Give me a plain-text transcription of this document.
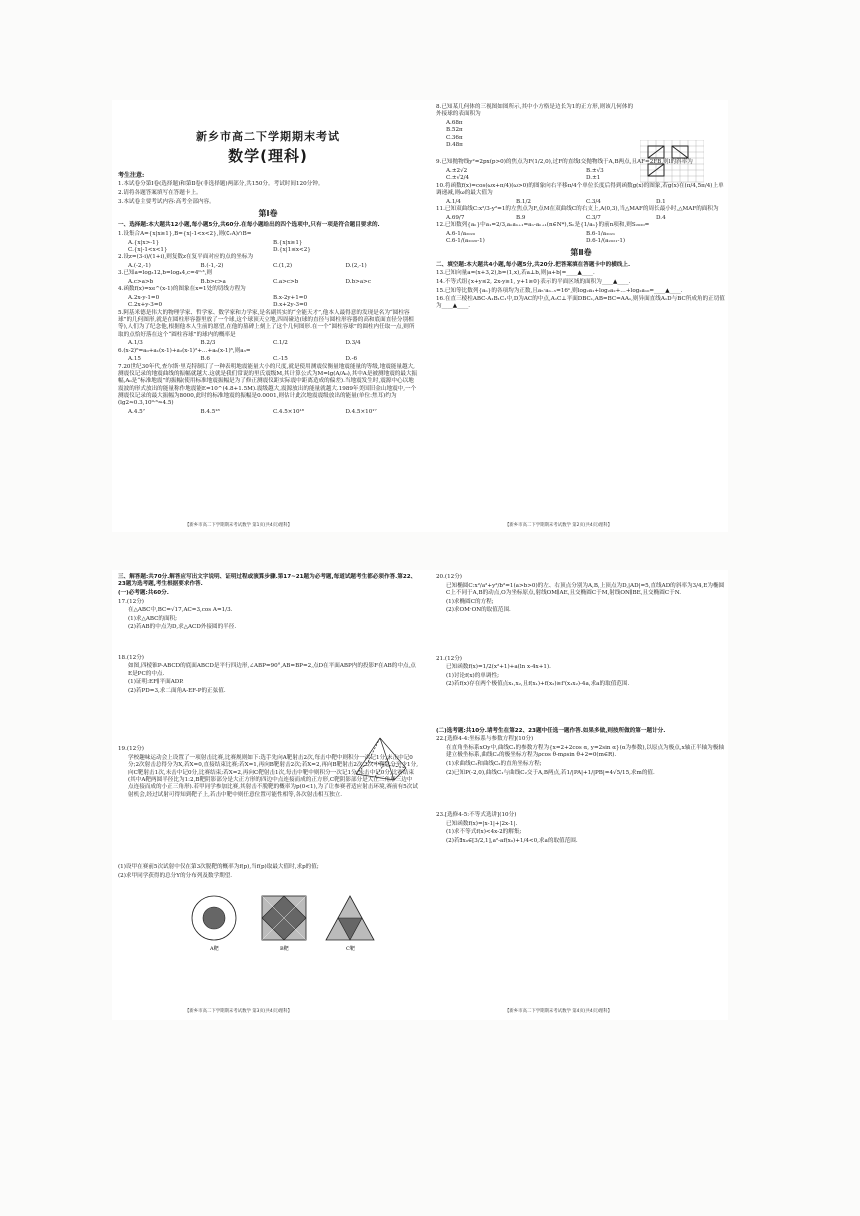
新乡市高二下学期期末考试
数学(理科)

考生注意:

1.本试卷分第Ⅰ卷(选择题)和第Ⅱ卷(非选择题)两部分,共150分。考试时间120分钟。

2.请将各题答案填写在答题卡上。

3.本试卷主要考试内容:高考全部内容。

第Ⅰ卷

一、选择题:本大题共12小题,每小题5分,共60分.在每小题给出的四个选项中,只有一项是符合题目要求的.

1.设集合A={x|x≥1},B={x|-1<x<2},则(∁ᵣA)∩B=

A.{x|x>-1}	B.{x|x≥1}
C.{x|-1<x<1}	D.{x|1≤x<2}

2.设z=(3-i)/(1+i),则复数z在复平面对应的点的坐标为

A.(-2,-1)	B.(-1,-2)	C.(1,2)	D.(2,-1)

3.已知a=log₃12,b=log₄4,c=4⁰·³,则

A.c>a>b	B.b>c>a	C.a>c>b	D.b>a>c

4.函数f(x)=xe^(x-1)的图象在x=1处的切线方程为

A.2x-y-1=0	B.x-2y+1=0
C.2x+y-3=0	D.x+2y-3=0

5.阿基米德是伟大的物理学家、哲学家、数学家和力学家,是名副其实的“全能天才”,他本人最得意的发现是名为“圆柱容球”的几何图形,就是在圆柱形容器里放了一个球,这个球顶天立地,四周碰边(球的直径与圆柱形容器的高和底面直径分别相等),人们为了纪念他,根据他本人生前的愿望,在他的墓碑上刻上了这个几何图形.在一个“圆柱容球”的圆柱内任取一点,则所取的点恰好落在这个“圆柱容球”的球内的概率是

A.1/3	B.2/3	C.1/2	D.3/4

6.(x-2)⁶=a₀+a₁(x-1)+a₂(x-1)²+…+a₆(x-1)⁶,则a₃=

A.15	B.6	C.-15	D.-6

7.20世纪30年代,查尔斯·里克特制订了一种表明地震能量大小的尺度,就是使用测震仪衡量地震能量的等级,地震能量越大,测震仪记录的地震曲线的振幅就越大.这就是我们常说的里氏震级M,其计算公式为M=lg(A/A₀),其中A是被测地震的最大振幅,A₀是“标准地震”的振幅(使用标准地震振幅是为了修正测震仪距实际震中距离造成的偏差).当地震发生时,震源中心以地震波的形式放出的能量称作地震能E=10^(4.8+1.5M).震级越大,震源放出的能量就越大.1989年美国旧金山地震中,一个测震仪记录的最大振幅为8000,此时的标准地震的振幅是0.0001,则估计此次地震震级放出的能量(单位:焦耳)约为(lg2≈0.3,10⁰·⁶≈4.5)

A.4.5⁷	B.4.5¹⁸	C.4.5×10¹⁸	D.4.5×10¹⁷

8.已知某几何体的三视图如图所示,其中小方格是边长为1的正方形,则该几何体的外接球的表面积为

A.68π
B.52π
C.36π
D.48π

9.已知抛物线y²=2px(p>0)的焦点为F(1/2,0),过F的直线l交抛物线于A,B两点,且AF=2FB,则l的斜率为

A.±2√2	B.±√3
C.±√2/4	D.±1

10.将函数f(x)=cos(ωx+π/4)(ω>0)的图象向右平移π/4个单位长度后得到函数g(x)的图象,若g(x)在(π/4,5π/4)上单调递减,则ω的最大值为

A.1/4	B.1/2	C.3/4	D.1

11.已知双曲线C:x²/3-y²=1的左焦点为F,点M在双曲线C的右支上,A(0,3),当△MAF的周长最小时,△MAF的面积为

A.69/7	B.9	C.3/7	D.4

12.已知数列{aₙ}中a₁=2/3,aₙaₙ₊₁=aₙ-aₙ₊₁(n∈N*),Sₙ是{1/aₙ}的前n项和,则S₂₀₂₀=

A.6-1/a₂₀₂₀	B.6-1/a₂₀₂₁
C.6-1/(a₂₀₂₀-1)	D.6-1/(a₂₀₂₁-1)
第Ⅱ卷

二、填空题:本大题共4小题,每小题5分,共20分.把答案填在答题卡中的横线上.

13.已知向量a=(x+3,2),b=(1,x),若a⊥b,则|a+b|=____▲____.

14.不等式组{x+y≤2, 2x-y≥1, y+1≥0}表示的平面区域的面积为____▲____.

15.已知等比数列{aₙ}的各项均为正数,且a₅·aₙ₋₅=16ⁿ,则log₂a₁+log₂a₂+…+log₂a₁₀=____▲____.

16.在直三棱柱ABC-A₁B₁C₁中,D为AC的中点,A₁C⊥平面DBC₁,AB=BC=AA₁,则异面直线A₁D与BC所成角的正切值为____▲____.

【新乡市高二下学期期末考试数学 第1页(共4页)理科】	【新乡市高二下学期期末考试数学 第2页(共4页)理科】

三、解答题:共70分.解答应写出文字说明、证明过程或演算步骤.第17~21题为必考题,每道试题考生都必须作答.第22、23题为选考题,考生根据要求作答.

(一)必考题:共60分.

17.(12分)

在△ABC中,BC=√17,AC=3,cos A=1/3.

(1)求△ABC的面积;

(2)若AB的中点为D,求△ACD外接圆的半径.

18.(12分)

如图,四棱锥P-ABCD的底面ABCD是平行四边形,∠ABP=90°,AB=BP=2,点D在平面ABP内的投影F在AB的中点,点E是PC的中点.

(1)证明:EF∥平面ADP.

(2)若PD=3,求二面角A-EF-P的正弦值.

19.(12分)

学校趣味运动会上设置了一项射击比赛,比赛规则如下:选手先向A靶射击2次,每击中靶中则积分一次记1分,未击中记0分;2次射击总得分为X,若X=0,直接结束比赛;若X=1,再向B靶射击2次;若X=2,再向B靶射击2次,2次中靶总分至少1分,向C靶射击1次,未击中记0分,比赛结束;若X=2,再向C靶射击1次,每击中靶中则积分一次记1分,未击中记0分,比赛结束(其中A靶两圆半径比为1:2,B靶阴影部分是大正方形的四边中点连接而成的正方形,C靶阴影部分是大正三角形三边中点连接而成的小正三角形).若甲同学参加比赛,其射击不脱靶的概率为p(0<1),为了让参赛者适应射击环境,赛前有5次试射机会,经过试射可得知到靶子上,若击中靶中则任意位置可能性相等,各次射击相互独立.

(1)设甲在赛前5次试射中仅在第3次脱靶的概率为f(p),当f(p)取最大值时,求p的值;

(2)求甲同学获得的总分Y的分布列及数学期望.

A靶	B靶	C靶

20.(12分)

已知椭圆C:x²/a²+y²/b²=1(a>b>0)的左、右顶点分别为A,B,上顶点为D,|AD|=5,直线AD的斜率为3/4,E为椭圆C上不同于A,B的动点,O为坐标原点,射线OM∥AE,且交椭圆C于M,射线ON∥BE,且交椭圆C于N.

(1)求椭圆C的方程;

(2)求OM·ON的取值范围.

21.(12分)

已知函数f(x)=1/2(x²+1)+a(ln x-4x+1).

(1)讨论f(x)的单调性;

(2)若f(x)存在两个极值点x₁,x₂,且f(x₁)+f(x₂)≥f'(x₁x₂)-4a,求a的取值范围.

(二)选考题:共10分.请考生在第22、23题中任选一题作答.如果多做,则按所做的第一题计分.

22.[选修4-4:坐标系与参数方程](10分)

在直角坐标系xOy中,曲线C₁的参数方程为{x=2+2cos α, y=2sin α}(α为参数),以原点为极点,x轴正半轴为极轴建立极坐标系,曲线C₂的极坐标方程为ρcos θ-mρsin θ+2=0(m∈R).

(1)求曲线C₁和曲线C₂的直角坐标方程;

(2)已知P(-2,0),曲线C₁与曲线C₂交于A,B两点,若1/|PA|+1/|PB|=4√5/15,求m的值.

23.[选修4-5:不等式选讲](10分)

已知函数f(x)=|x-1|+|2x-1|.

(1)求不等式f(x)<4x-2的解集;

(2)若∃x₀∈[3/2,1],a²-af(x₀)+1/4<0,求a的取值范围.

【新乡市高二下学期期末考试数学 第3页(共4页)理科】	【新乡市高二下学期期末考试数学 第4页(共4页)理科】
